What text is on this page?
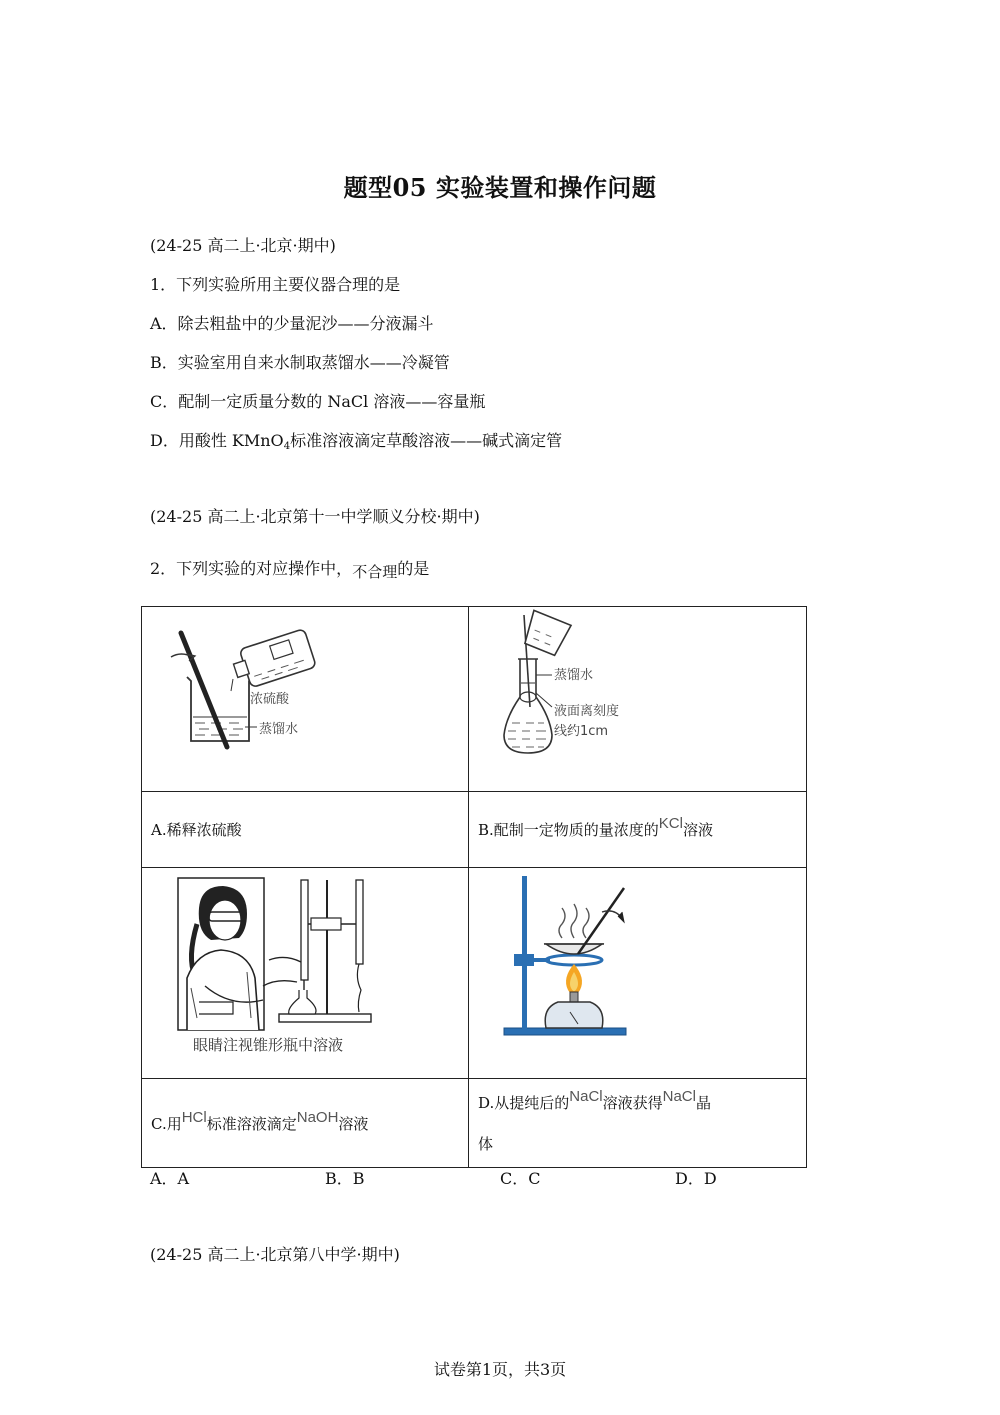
题型05 实验装置和操作问题
(24-25 高二上·北京·期中)
1．下列实验所用主要仪器合理的是
A．除去粗盐中的少量泥沙——分液漏斗
B．实验室用自来水制取蒸馏水——冷凝管
C．配制一定质量分数的 NaCl 溶液——容量瓶
D．用酸性 KMnO$_4$标准溶液滴定草酸溶液——碱式滴定管
(24-25 高二上·北京第十一中学顺义分校·期中)
2．下列实验的对应操作中，不合理的是
浓硫酸
蒸馏水	蒸馏水
液面离刻度
线约1cm

A.稀释浓硫酸	B.配制一定物质的量浓度的KCl溶液

眼睛注视锥形瓶中溶液

C.用HCl标准溶液滴定NaOH溶液	D.从提纯后的NaCl溶液获得NaCl晶
体
A．A	B．B	C．C	D．D
(24-25 高二上·北京第八中学·期中)
试卷第1页，共3页
